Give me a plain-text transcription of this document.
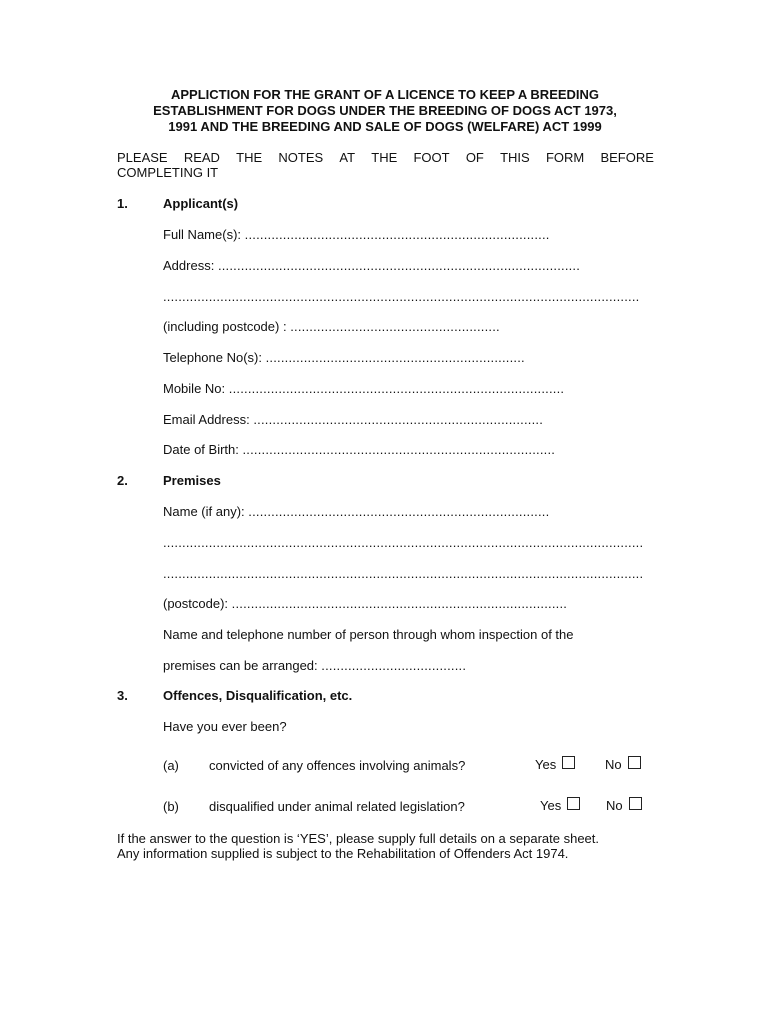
APPLICTION FOR THE GRANT OF A LICENCE TO KEEP A BREEDING
ESTABLISHMENT FOR DOGS UNDER THE BREEDING OF DOGS ACT 1973,
1991 AND THE BREEDING AND SALE OF DOGS (WELFARE) ACT 1999
PLEASE READ THE NOTES AT THE FOOT OF THIS FORM BEFORE
COMPLETING IT
1.	Applicant(s)
Full Name(s): ................................................................................
Address: ...............................................................................................
.............................................................................................................................
(including postcode) : .......................................................
Telephone No(s): ....................................................................
Mobile No: ........................................................................................
Email Address: ............................................................................
Date of Birth: ..................................................................................
2.	Premises
Name (if any): ...............................................................................
..............................................................................................................................
..............................................................................................................................
(postcode): ........................................................................................
Name and telephone number of person through whom inspection of the
premises can be arranged: ......................................
3.	Offences, Disqualification, etc.
Have you ever been?
(a) convicted of any offences involving animals?	Yes	No
(b) disqualified under animal related legislation?	Yes	No
If the answer to the question is ‘YES’, please supply full details on a separate sheet.
Any information supplied is subject to the Rehabilitation of Offenders Act 1974.
